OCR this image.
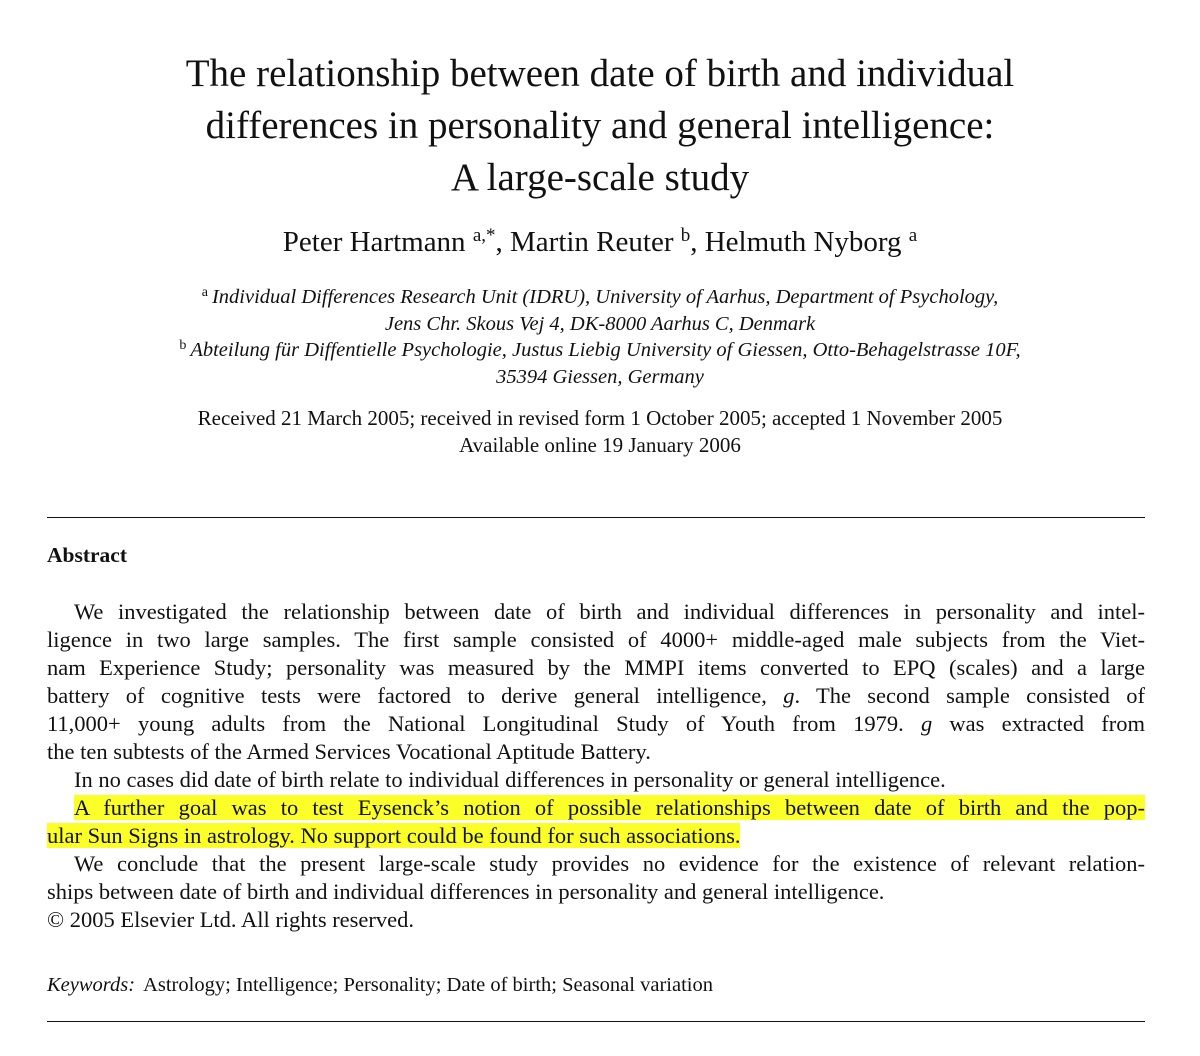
The relationship between date of birth and individual
differences in personality and general intelligence:
A large-scale study
Peter Hartmann $^{a,*}$, Martin Reuter $^b$, Helmuth Nyborg $^a$
$^a$ Individual Differences Research Unit (IDRU), University of Aarhus, Department of Psychology,
Jens Chr. Skous Vej 4, DK-8000 Aarhus C, Denmark
$^b$ Abteilung für Diffentielle Psychologie, Justus Liebig University of Giessen, Otto-Behagelstrasse 10F,
35394 Giessen, Germany
Received 21 March 2005; received in revised form 1 October 2005; accepted 1 November 2005
Available online 19 January 2006
Abstract
We investigated the relationship between date of birth and individual differences in personality and intel-
ligence in two large samples. The first sample consisted of 4000+ middle-aged male subjects from the Viet-
nam Experience Study; personality was measured by the MMPI items converted to EPQ (scales) and a large
battery of cognitive tests were factored to derive general intelligence, g. The second sample consisted of
11,000+ young adults from the National Longitudinal Study of Youth from 1979. g was extracted from
the ten subtests of the Armed Services Vocational Aptitude Battery.
In no cases did date of birth relate to individual differences in personality or general intelligence.
A further goal was to test Eysenck’s notion of possible relationships between date of birth and the pop-
ular Sun Signs in astrology. No support could be found for such associations.
We conclude that the present large-scale study provides no evidence for the existence of relevant relation-
ships between date of birth and individual differences in personality and general intelligence.
© 2005 Elsevier Ltd. All rights reserved.
Keywords: Astrology; Intelligence; Personality; Date of birth; Seasonal variation
